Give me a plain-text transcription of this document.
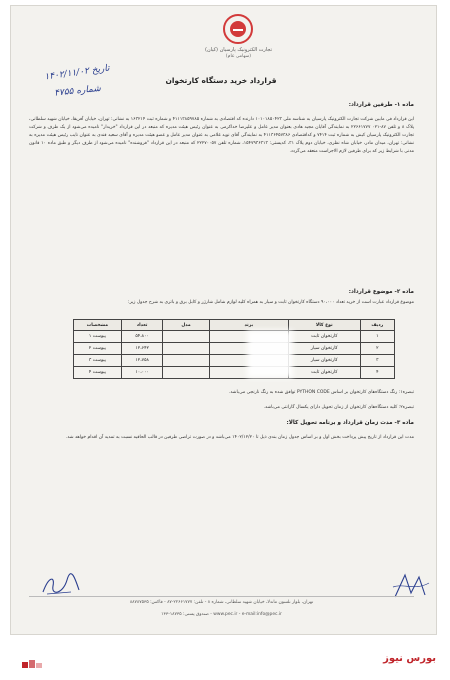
تجارت الکترونیک پارسیان (کیان)
(سهامی عام)
تاریخ ۱۴۰۲/۱۱/۰۲
شماره ۴۷۵۵
قرارداد خرید دستگاه کارتخوان
ماده ۱- طرفین قرارداد:
این قرارداد فی مابین شرکت تجارت الکترونیک پارسیان به شناسه ملی ۱۰۱۰۱۸۵۰۴۲۳ دارنده کد اقتصادی به شماره ۴۱۱۱۳۸۵۹۷۸۵ و شماره ثبت ۱۶۳۲۱۴ به نشانی: تهران، خیابان آفریقا، خیابان شهید سلطانی، پلاک ۸ و تلفن ۸۷-۰۲۱ ۲۲۶۶۱۷۷۷ به نمایندگی آقایان مجید هادی بعنوان مدیر عامل و علیرضا خداکرمی به عنوان رئیس هیئت مدیره که منبعد در این قرارداد "خریدار" نامیده می‌شود از یک طرف و شرکت تجارت الکترونیک پارسیان کیش به شماره ثبت ۷۴۱۴ و کداقتصادی ۴۱۱۳۶۴۵۷۳۸۶ به نمایندگی آقای نوید غلامی به عنوان مدیر عامل و عضو هیئت مدیره و آقای سعید قندی به عنوان نایب رئیس هیئت مدیره به نشانی: تهران، میدان مادر، خیابان شاه نظری، خیابان دوم پلاک ۳۱، کدپستی: ۱۵۴۷۹۳۶۳۱۳، شماره تلفن ۲۲۲۷۰۰۵۷ که منبعد در این قرارداد "فروشنده" نامیده می‌شود از طرف دیگر و طبق ماده ۱۰ قانون مدنی با شرایط زیر که برای طرفین لازم الاجراست منعقد می‌گردد.
ماده ۲- موضوع قرارداد:
موضوع قرارداد عبارت است از خرید تعداد ۹۰،۰۰۰ دستگاه کارتخوان ثابت و سیار به همراه کلیه لوازم شامل شارژر و کابل برق و باتری به شرح جدول زیر:
ردیف	نوع کالا	برند	مدل	تعداد	مشخصات
۱	کارتخوان ثابت			۵۴،۸۰۰	پیوست ۱
۲	کارتخوان سیار			۱۲،۶۴۲	پیوست ۲
۳	کارتخوان سیار			۱۲،۷۵۸	پیوست ۳
۴	کارتخوان ثابت			۱۰،۰۰۰	پیوست ۴
تبصره۱: رنگ دستگاه‌های کارتخوان بر اساس PYTHON CODE توافق شده به رنگ نارنجی می‌باشد.
تبصره۲: کلیه دستگاه‌های کارتخوان از زمان تحویل دارای یکسال گارانتی می‌باشد.
ماده ۳- مدت زمان قرارداد و برنامه تحویل کالا:
مدت این قرارداد از تاریخ پیش پرداخت بخش اول و بر اساس جدول زمان بندی ذیل تا ۱۴۰۲/۱۲/۲۰ می‌باشد و در صورت تراضی طرفین در قالب الحاقیه نسبت به تمدید آن اقدام خواهد شد.
تهران، بلوار نلسون ماندلا، خیابان شهید سلطانی، شماره ۸ - تلفن: ۲۲۶۶۱۷۷۷-۸۷ - فاکس: ۸۸۷۸۷۵۳۵
www.pec.ir - e-mail:info@pec.ir - صندوق پستی: ۱۸۷۳۵-۱۳۳
بورس نیوز
